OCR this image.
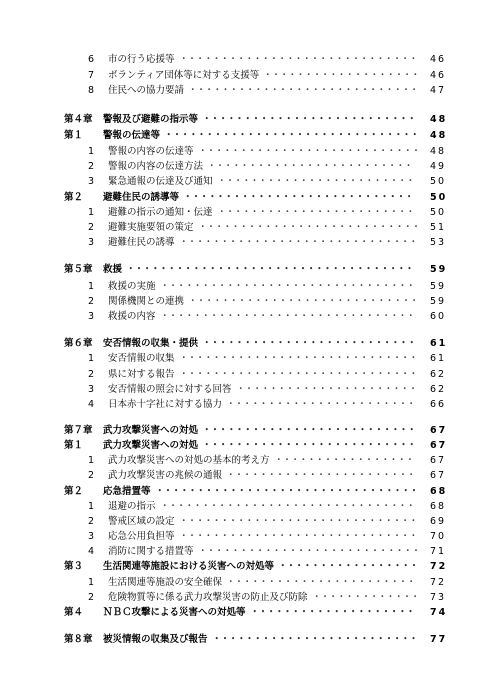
6 市の行う応援等 ・・・・・・・・・・・・・・・・・・・・・・・・・・・・・	46
7 ボランティア団体等に対する支援等 ・・・・・・・・・・・・・・・・・・・ 46
8 住民への協力要請 ・・・・・・・・・・・・・・・・・・・・・・・・・・・・ 47
第４章 警報及び避難の指示等 ・・・・・・・・・・・・・・・・・・・・・・・・・・	48
第１ 警報の伝達等 ・・・・・・・・・・・・・・・・・・・・・・・・・・・・・・・ 48
1 警報の内容の伝達等 ・・・・・・・・・・・・・・・・・・・・・・・・・・・ 48
2 警報の内容の伝達方法 ・・・・・・・・・・・・・・・・・・・・・・・・・	49
3 緊急通報の伝達及び通知 ・・・・・・・・・・・・・・・・・・・・・・・・	50
第２ 避難住民の誘導等 ・・・・・・・・・・・・・・・・・・・・・・・・・・・・	50
1 避難の指示の通知・伝達 ・・・・・・・・・・・・・・・・・・・・・・・・	50
2 避難実施要領の策定 ・・・・・・・・・・・・・・・・・・・・・・・・・・・ 51
3 避難住民の誘導 ・・・・・・・・・・・・・・・・・・・・・・・・・・・・・	53
第５章 救援 ・・・・・・・・・・・・・・・・・・・・・・・・・・・・・・・・・・・	59
1 救援の実施 ・・・・・・・・・・・・・・・・・・・・・・・・・・・・・・・	59
2 関係機関との連携 ・・・・・・・・・・・・・・・・・・・・・・・・・・・・ 59
3 救援の内容 ・・・・・・・・・・・・・・・・・・・・・・・・・・・・・・・	60
第６章 安否情報の収集・提供 ・・・・・・・・・・・・・・・・・・・・・・・・・・	61
1 安否情報の収集 ・・・・・・・・・・・・・・・・・・・・・・・・・・・・・	61
2 県に対する報告 ・・・・・・・・・・・・・・・・・・・・・・・・・・・・・	62
3 安否情報の照会に対する回答 ・・・・・・・・・・・・・・・・・・・・・・	62
4 日本赤十字社に対する協力 ・・・・・・・・・・・・・・・・・・・・・・・	66
第７章 武力攻撃災害への対処 ・・・・・・・・・・・・・・・・・・・・・・・・・・	67
第１ 武力攻撃災害への対処 ・・・・・・・・・・・・・・・・・・・・・・・・・・	67
1 武力攻撃災害への対処の基本的考え方 ・・・・・・・・・・・・・・・・・	67
2 武力攻撃災害の兆候の通報 ・・・・・・・・・・・・・・・・・・・・・・・	67
第２ 応急措置等 ・・・・・・・・・・・・・・・・・・・・・・・・・・・・・・・・ 68
1 退避の指示 ・・・・・・・・・・・・・・・・・・・・・・・・・・・・・・・	68
2 警戒区域の設定 ・・・・・・・・・・・・・・・・・・・・・・・・・・・・・	69
3 応急公用負担等 ・・・・・・・・・・・・・・・・・・・・・・・・・・・・・	70
4 消防に関する措置等 ・・・・・・・・・・・・・・・・・・・・・・・・・・・ 71
第３ 生活関連等施設における災害への対処等 ・・・・・・・・・・・・・・・・・ 72
1 生活関連等施設の安全確保 ・・・・・・・・・・・・・・・・・・・・・・・	72
2 危険物質等に係る武力攻撃災害の防止及び防除 ・・・・・・・・・・・・・ 73
第４ ＮＢＣ攻撃による災害への対処等 ・・・・・・・・・・・・・・・・・・・・	74
第８章 被災情報の収集及び報告 ・・・・・・・・・・・・・・・・・・・・・・・・・	77
